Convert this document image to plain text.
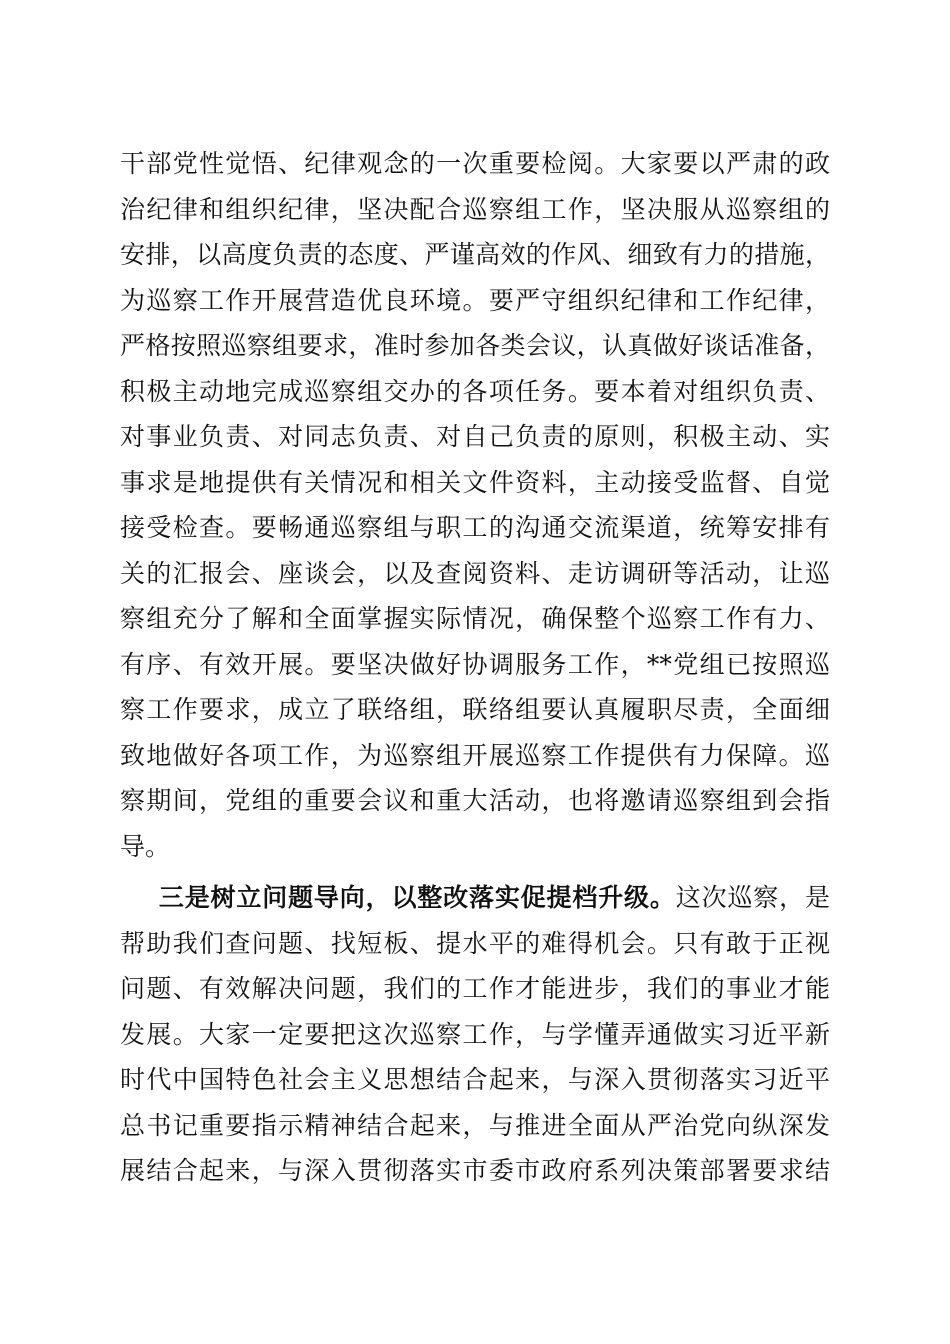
干部党性觉悟、纪律观念的一次重要检阅。大家要以严肃的政
治纪律和组织纪律，坚决配合巡察组工作，坚决服从巡察组的
安排，以高度负责的态度、严谨高效的作风、细致有力的措施，
为巡察工作开展营造优良环境。要严守组织纪律和工作纪律，
严格按照巡察组要求，准时参加各类会议，认真做好谈话准备，
积极主动地完成巡察组交办的各项任务。要本着对组织负责、
对事业负责、对同志负责、对自己负责的原则，积极主动、实
事求是地提供有关情况和相关文件资料，主动接受监督、自觉
接受检查。要畅通巡察组与职工的沟通交流渠道，统筹安排有
关的汇报会、座谈会，以及查阅资料、走访调研等活动，让巡
察组充分了解和全面掌握实际情况，确保整个巡察工作有力、
有序、有效开展。要坚决做好协调服务工作，**党组已按照巡
察工作要求，成立了联络组，联络组要认真履职尽责，全面细
致地做好各项工作，为巡察组开展巡察工作提供有力保障。巡
察期间，党组的重要会议和重大活动，也将邀请巡察组到会指
导。
三是树立问题导向，以整改落实促提档升级。这次巡察，是
帮助我们查问题、找短板、提水平的难得机会。只有敢于正视
问题、有效解决问题，我们的工作才能进步，我们的事业才能
发展。大家一定要把这次巡察工作，与学懂弄通做实习近平新
时代中国特色社会主义思想结合起来，与深入贯彻落实习近平
总书记重要指示精神结合起来，与推进全面从严治党向纵深发
展结合起来，与深入贯彻落实市委市政府系列决策部署要求结
